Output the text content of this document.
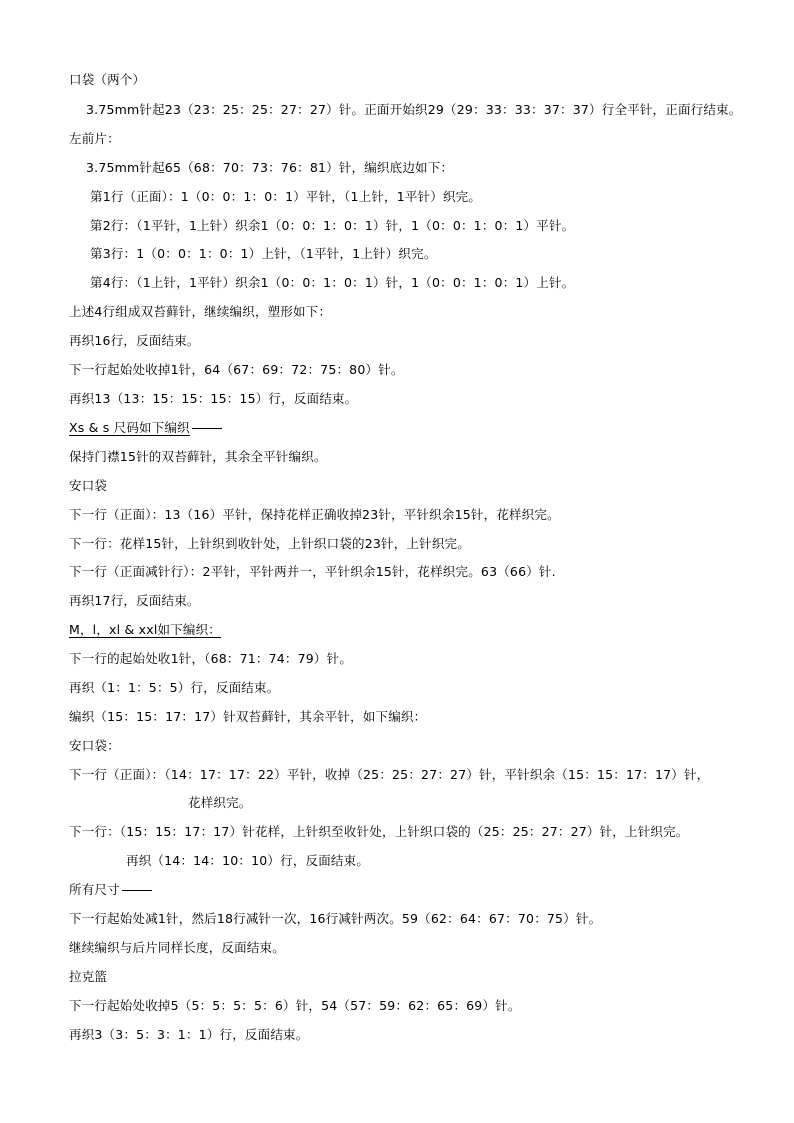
口袋（两个）
3.75mm针起23（23：25：25：27：27）针。正面开始织29（29：33：33：37：37）行全平针，正面行结束。
左前片：
3.75mm针起65（68：70：73：76：81）针，编织底边如下：
第1行（正面）：1（0：0：1：0：1）平针，（1上针，1平针）织完。
第2行：（1平针，1上针）织余1（0：0：1：0：1）针，1（0：0：1：0：1）平针。
第3行：1（0：0：1：0：1）上针，（1平针，1上针）织完。
第4行：（1上针，1平针）织余1（0：0：1：0：1）针，1（0：0：1：0：1）上针。
上述4行组成双苔藓针，继续编织，塑形如下：
再织16行，反面结束。
下一行起始处收掉1针，64（67：69：72：75：80）针。
再织13（13：15：15：15：15）行，反面结束。
Xs & s 尺码如下编织
保持门襟15针的双苔藓针，其余全平针编织。
安口袋
下一行（正面）：13（16）平针，保持花样正确收掉23针，平针织余15针，花样织完。
下一行：花样15针，上针织到收针处，上针织口袋的23针，上针织完。
下一行（正面减针行）：2平针，平针两并一，平针织余15针，花样织完。63（66）针.
再织17行，反面结束。
M，l，xl & xxl如下编织：
下一行的起始处收1针，（68：71：74：79）针。
再织（1：1：5：5）行，反面结束。
编织（15：15：17：17）针双苔藓针，其余平针，如下编织：
安口袋：
下一行（正面）：（14：17：17：22）平针，收掉（25：25：27：27）针，平针织余（15：15：17：17）针，
花样织完。
下一行：（15：15：17：17）针花样，上针织至收针处，上针织口袋的（25：25：27：27）针，上针织完。
再织（14：14：10：10）行，反面结束。
所有尺寸
下一行起始处减1针，然后18行减针一次，16行减针两次。59（62：64：67：70：75）针。
继续编织与后片同样长度，反面结束。
拉克篮
下一行起始处收掉5（5：5：5：5：6）针，54（57：59：62：65：69）针。
再织3（3：5：3：1：1）行，反面结束。
